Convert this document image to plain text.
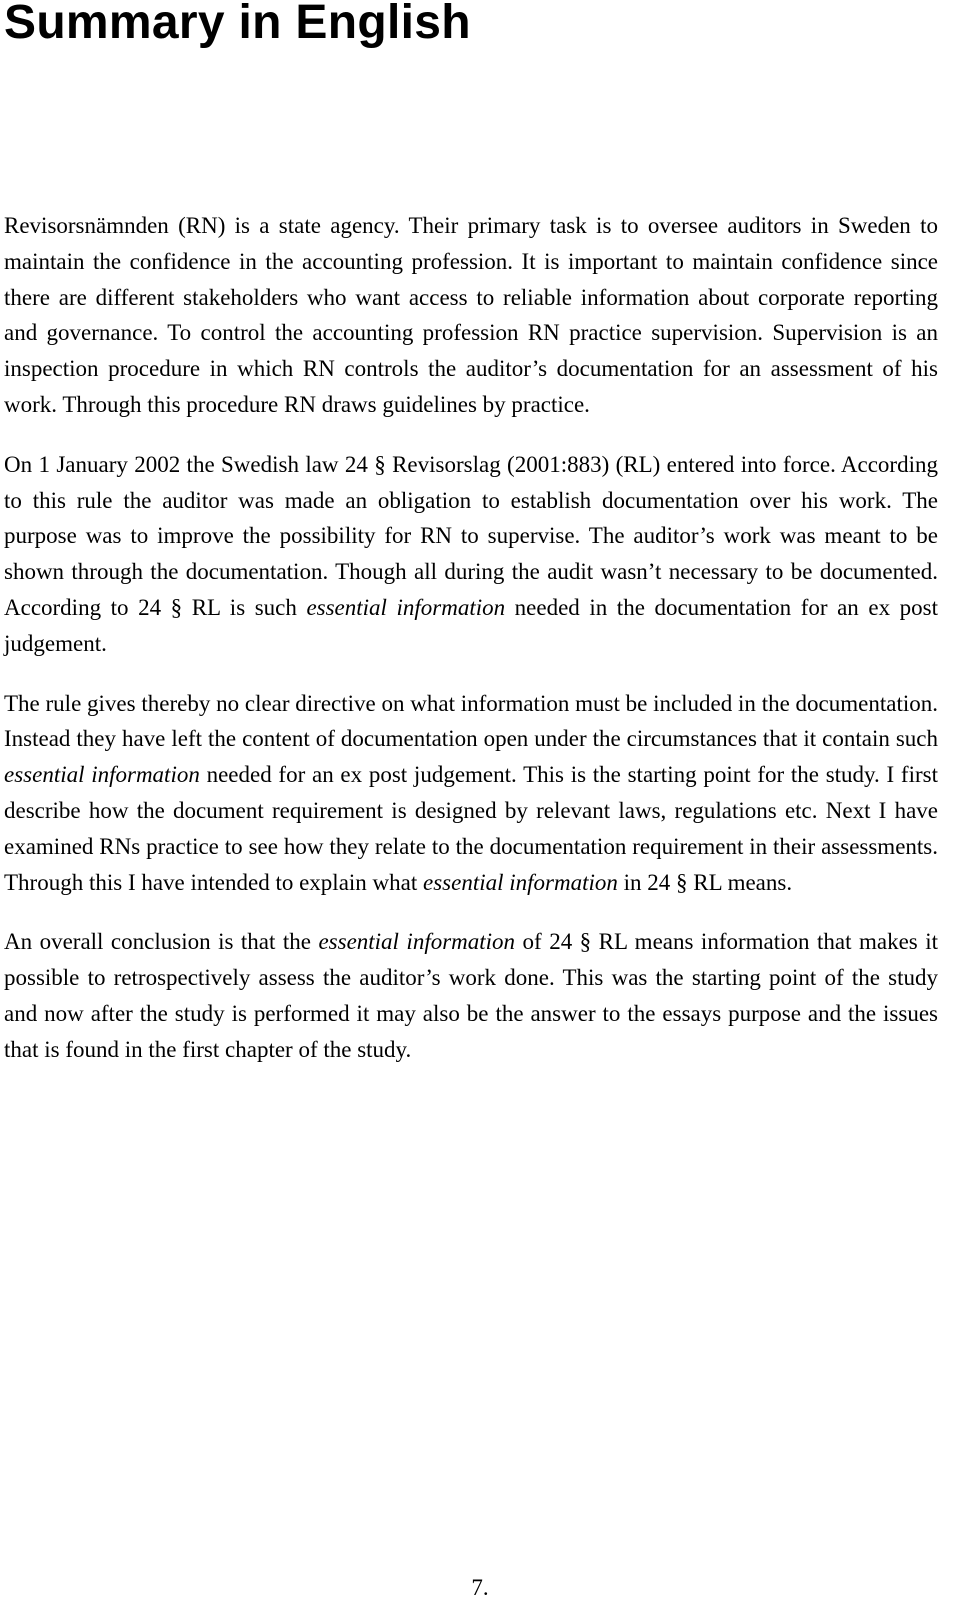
Summary in English

Revisorsnämnden (RN) is a state agency. Their primary task is to oversee auditors in Sweden to maintain the confidence in the accounting profession. It is important to maintain confidence since there are different stakeholders who want access to reliable information about corporate reporting and governance. To control the accounting profession RN practice supervision. Supervision is an inspection procedure in which RN controls the auditor’s documentation for an assessment of his work. Through this procedure RN draws guidelines by practice.

On 1 January 2002 the Swedish law 24 § Revisorslag (2001:883) (RL) entered into force. According to this rule the auditor was made an obligation to establish documentation over his work. The purpose was to improve the possibility for RN to supervise. The auditor’s work was meant to be shown through the documentation. Though all during the audit wasn’t necessary to be documented. According to 24 § RL is such essential information needed in the documentation for an ex post judgement.

The rule gives thereby no clear directive on what information must be included in the documentation. Instead they have left the content of documentation open under the circumstances that it contain such essential information needed for an ex post judgement. This is the starting point for the study. I first describe how the document requirement is designed by relevant laws, regulations etc. Next I have examined RNs practice to see how they relate to the documentation requirement in their assessments. Through this I have intended to explain what essential information in 24 § RL means.

An overall conclusion is that the essential information of 24 § RL means information that makes it possible to retrospectively assess the auditor’s work done. This was the starting point of the study and now after the study is performed it may also be the answer to the essays purpose and the issues that is found in the first chapter of the study.

7.
